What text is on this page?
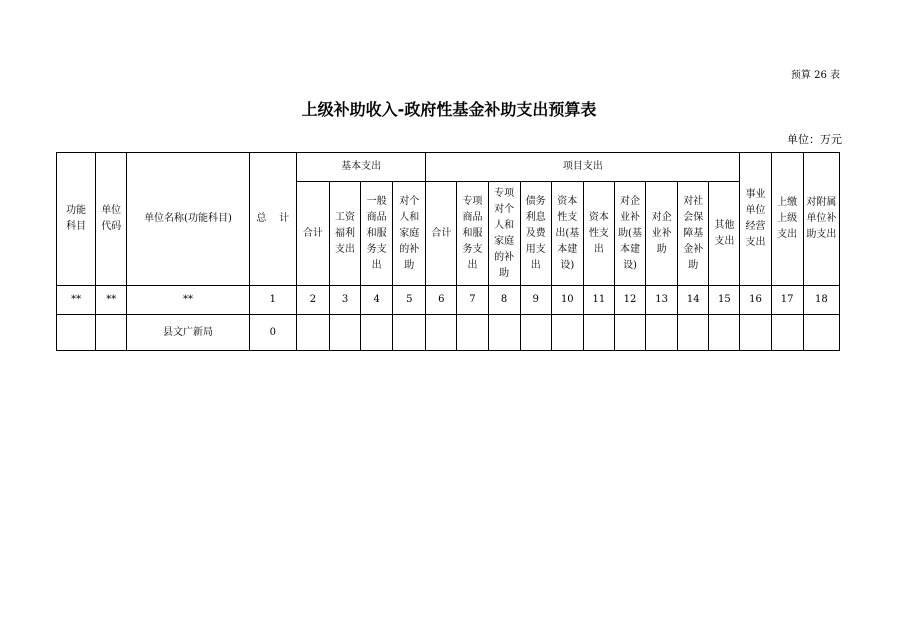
预算 26 表
上级补助收入-政府性基金补助支出预算表
单位：万元
功能科目	单位代码	单位名称(功能科目)	总    计	基本支出				项目支出										事业单位经营支出	上缴上级支出	对附属单位补助支出
				合计	工资福利支出	一般商品和服务支出	对个人和家庭的补助	合计	专项商品和服务支出	专项对个人和家庭的补助	债务利息及费用支出	资本性支出(基本建设)	资本性支出	对企业补助(基本建设)	对企业补助	对社会保障基金补助	其他支出			
**	**	**	1	2	3	4	5	6	7	8	9	10	11	12	13	14	15	16	17	18
		县文广新局	0																	
